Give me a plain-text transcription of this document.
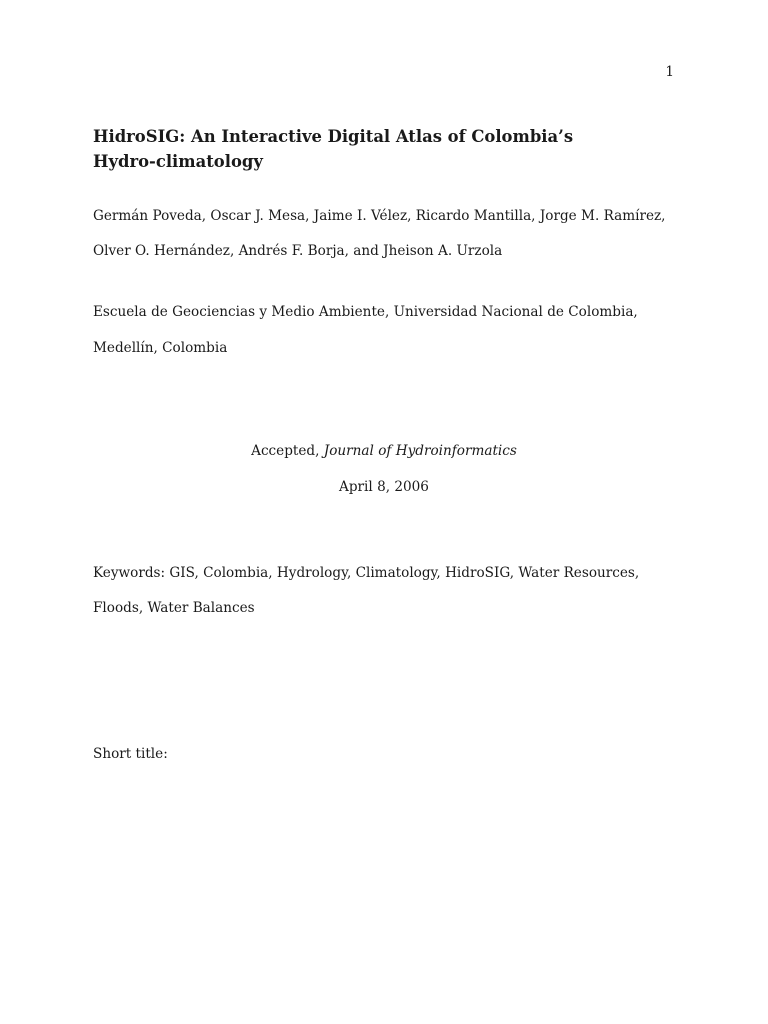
1
HidroSIG: An Interactive Digital Atlas of Colombia’s
Hydro-climatology
Germán Poveda, Oscar J. Mesa, Jaime I. Vélez, Ricardo Mantilla, Jorge M. Ramírez,
Olver O. Hernández, Andrés F. Borja, and Jheison A. Urzola
Escuela de Geociencias y Medio Ambiente, Universidad Nacional de Colombia,
Medellín, Colombia
Accepted, Journal of Hydroinformatics
April 8, 2006
Keywords: GIS, Colombia, Hydrology, Climatology, HidroSIG, Water Resources,
Floods, Water Balances
Short title:
